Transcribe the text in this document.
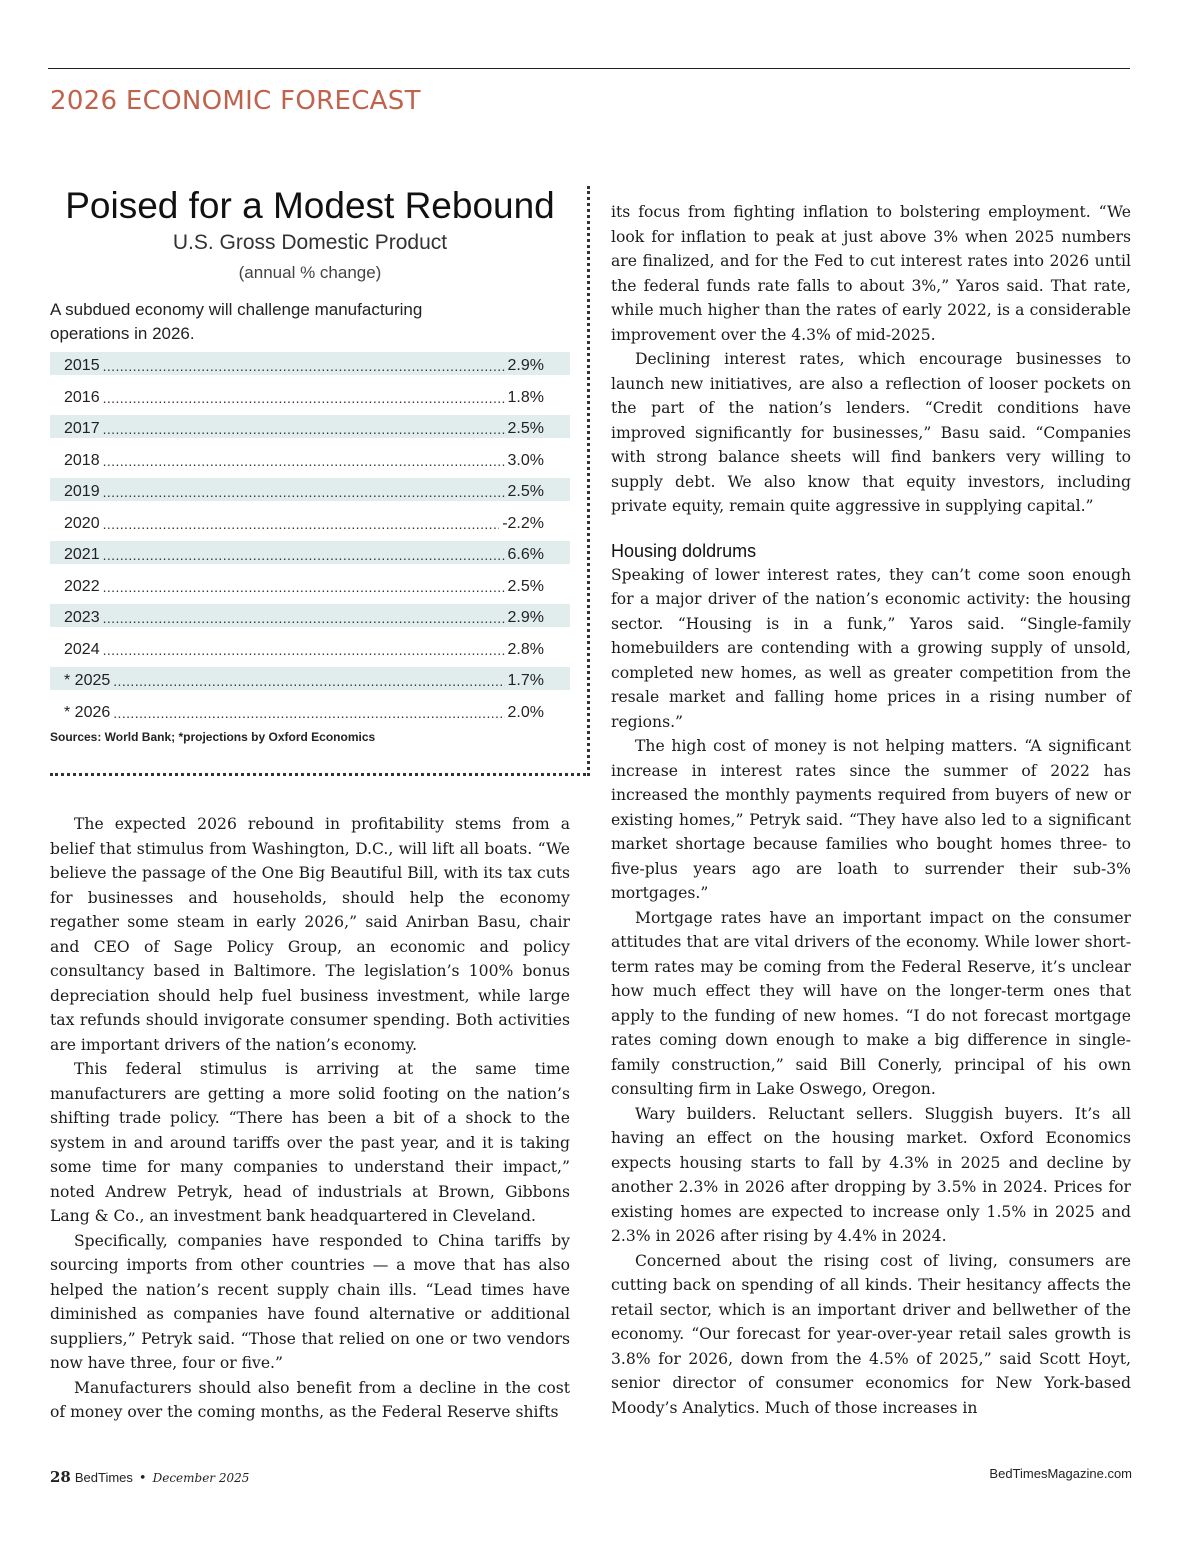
2026 ECONOMIC FORECAST
Poised for a Modest Rebound
U.S. Gross Domestic Product
(annual % change)
A subdued economy will challenge manufacturing operations in 2026.
2015 .....	2.9%
2016 .....	1.8%
2017 .....	2.5%
2018 .....	3.0%
2019 .....	2.5%
2020 .....	-2.2%
2021 .....	6.6%
2022 .....	2.5%
2023 .....	2.9%
2024 .....	2.8%
* 2025 .....	1.7%
* 2026 .....	2.0%
Sources: World Bank; *projections by Oxford Economics

The expected 2026 rebound in profitability stems from a belief that stimulus from Washington, D.C., will lift all boats. “We believe the passage of the One Big Beautiful Bill, with its tax cuts for businesses and households, should help the economy regather some steam in early 2026,” said Anirban Basu, chair and CEO of Sage Policy Group, an economic and policy consultancy based in Baltimore. The legislation’s 100% bonus depreciation should help fuel business investment, while large tax refunds should invigorate consumer spending. Both activities are important drivers of the nation’s economy.

This federal stimulus is arriving at the same time manufacturers are getting a more solid footing on the nation’s shifting trade policy. “There has been a bit of a shock to the system in and around tariffs over the past year, and it is taking some time for many companies to understand their impact,” noted Andrew Petryk, head of industrials at Brown, Gibbons Lang & Co., an investment bank headquartered in Cleveland.

Specifically, companies have responded to China tariffs by sourcing imports from other countries — a move that has also helped the nation’s recent supply chain ills. “Lead times have diminished as companies have found alternative or additional suppliers,” Petryk said. “Those that relied on one or two vendors now have three, four or five.”

Manufacturers should also benefit from a decline in the cost of money over the coming months, as the Federal Reserve shifts

its focus from fighting inflation to bolstering employment. “We look for inflation to peak at just above 3% when 2025 numbers are finalized, and for the Fed to cut interest rates into 2026 until the federal funds rate falls to about 3%,” Yaros said. That rate, while much higher than the rates of early 2022, is a considerable improvement over the 4.3% of mid-2025.

Declining interest rates, which encourage businesses to launch new initiatives, are also a reflection of looser pockets on the part of the nation’s lenders. “Credit conditions have improved significantly for businesses,” Basu said. “Companies with strong balance sheets will find bankers very willing to supply debt. We also know that equity investors, including private equity, remain quite aggressive in supplying capital.”

Housing doldrums

Speaking of lower interest rates, they can’t come soon enough for a major driver of the nation’s economic activity: the housing sector. “Housing is in a funk,” Yaros said. “Single-family homebuilders are contending with a growing supply of unsold, completed new homes, as well as greater competition from the resale market and falling home prices in a rising number of regions.”

The high cost of money is not helping matters. “A significant increase in interest rates since the summer of 2022 has increased the monthly payments required from buyers of new or existing homes,” Petryk said. “They have also led to a significant market shortage because families who bought homes three- to five-plus years ago are loath to surrender their sub-3% mortgages.”

Mortgage rates have an important impact on the consumer attitudes that are vital drivers of the economy. While lower short-term rates may be coming from the Federal Reserve, it’s unclear how much effect they will have on the longer-term ones that apply to the funding of new homes. “I do not forecast mortgage rates coming down enough to make a big difference in single-family construction,” said Bill Conerly, principal of his own consulting firm in Lake Oswego, Oregon.

Wary builders. Reluctant sellers. Sluggish buyers. It’s all having an effect on the housing market. Oxford Economics expects housing starts to fall by 4.3% in 2025 and decline by another 2.3% in 2026 after dropping by 3.5% in 2024. Prices for existing homes are expected to increase only 1.5% in 2025 and 2.3% in 2026 after rising by 4.4% in 2024.

Concerned about the rising cost of living, consumers are cutting back on spending of all kinds. Their hesitancy affects the retail sector, which is an important driver and bellwether of the economy. “Our forecast for year-over-year retail sales growth is 3.8% for 2026, down from the 4.5% of 2025,” said Scott Hoyt, senior director of consumer economics for New York-based Moody’s Analytics. Much of those increases in

28 BedTimes • December 2025	BedTimesMagazine.com
